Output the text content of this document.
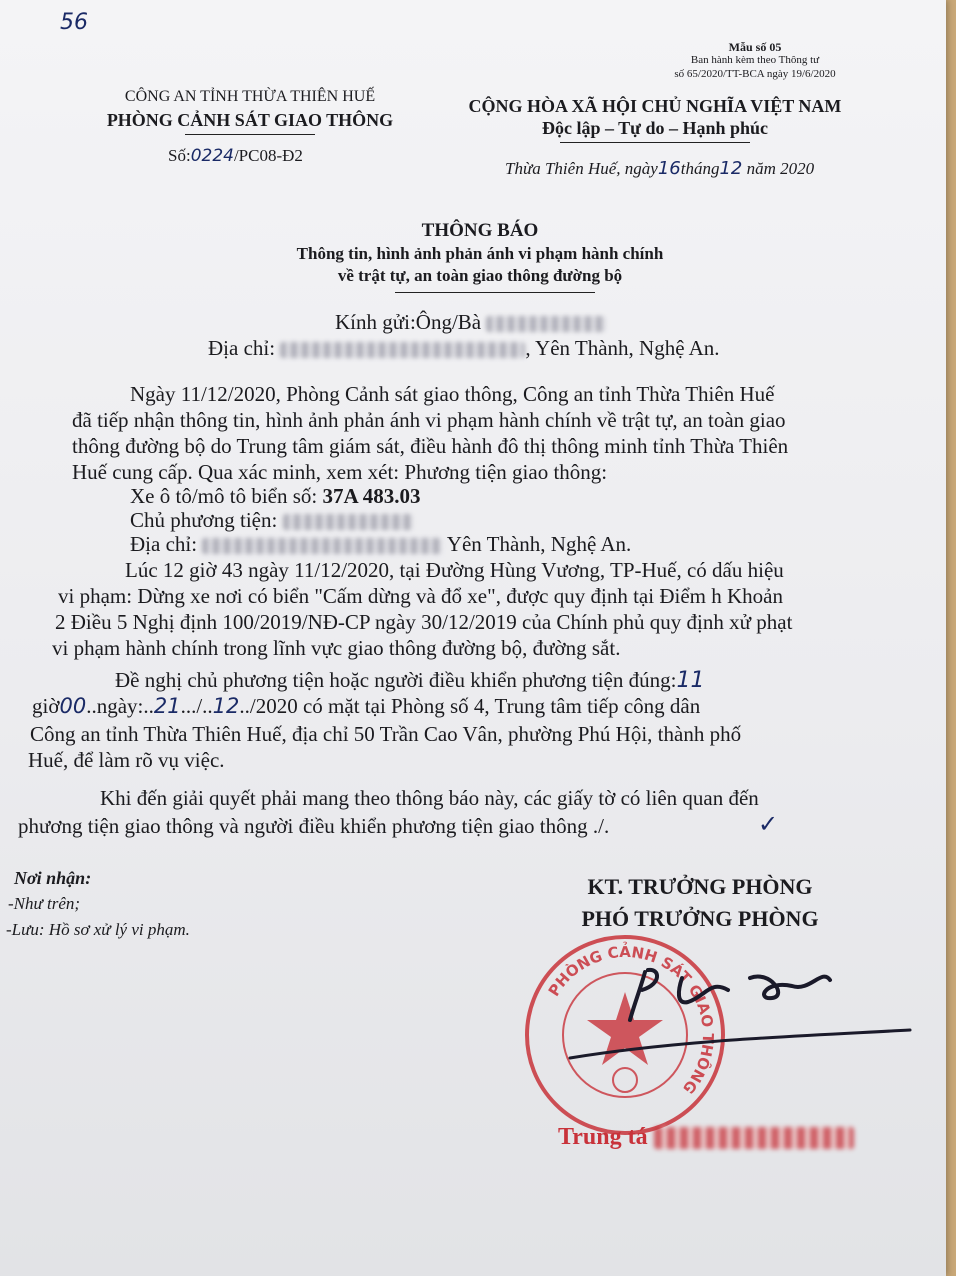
56
Mẫu số 05
Ban hành kèm theo Thông tư
số 65/2020/TT-BCA ngày 19/6/2020
CÔNG AN TỈNH THỪA THIÊN HUẾ
PHÒNG CẢNH SÁT GIAO THÔNG
Số:0224/PC08-Đ2
CỘNG HÒA XÃ HỘI CHỦ NGHĨA VIỆT NAM
Độc lập – Tự do – Hạnh phúc
Thừa Thiên Huế, ngày16tháng12 năm 2020
THÔNG BÁO
Thông tin, hình ảnh phản ánh vi phạm hành chính
về trật tự, an toàn giao thông đường bộ
Kính gửi:Ông/Bà
Địa chỉ:	, Yên Thành, Nghệ An.
Ngày 11/12/2020, Phòng Cảnh sát giao thông, Công an tỉnh Thừa Thiên Huế
đã tiếp nhận thông tin, hình ảnh phản ánh vi phạm hành chính về trật tự, an toàn giao
thông đường bộ do Trung tâm giám sát, điều hành đô thị thông minh tỉnh Thừa Thiên
Huế cung cấp. Qua xác minh, xem xét: Phương tiện giao thông:
Xe ô tô/mô tô biển số: 37A 483.03
Chủ phương tiện:
Địa chỉ:	Yên Thành, Nghệ An.
Lúc 12 giờ 43 ngày 11/12/2020, tại Đường Hùng Vương, TP-Huế, có dấu hiệu
vi phạm: Dừng xe nơi có biển "Cấm dừng và đổ xe", được quy định tại Điểm h Khoản
2 Điều 5 Nghị định 100/2019/NĐ-CP ngày 30/12/2019 của Chính phủ quy định xử phạt
vi phạm hành chính trong lĩnh vực giao thông đường bộ, đường sắt.
Đề nghị chủ phương tiện hoặc người điều khiển phương tiện đúng:11
giờ00..ngày:..21.../..12../2020 có mặt tại Phòng số 4, Trung tâm tiếp công dân
Công an tỉnh Thừa Thiên Huế, địa chỉ 50 Trần Cao Vân, phường Phú Hội, thành phố
Huế, để làm rõ vụ việc.
Khi đến giải quyết phải mang theo thông báo này, các giấy tờ có liên quan đến
phương tiện giao thông và người điều khiển phương tiện giao thông ./.	✓
Nơi nhận:
-Như trên;
-Lưu: Hồ sơ xử lý vi phạm.
KT. TRƯỞNG PHÒNG
PHÓ TRƯỞNG PHÒNG
PHÒNG CẢNH SÁT GIAO THÔNG
Trung tá
